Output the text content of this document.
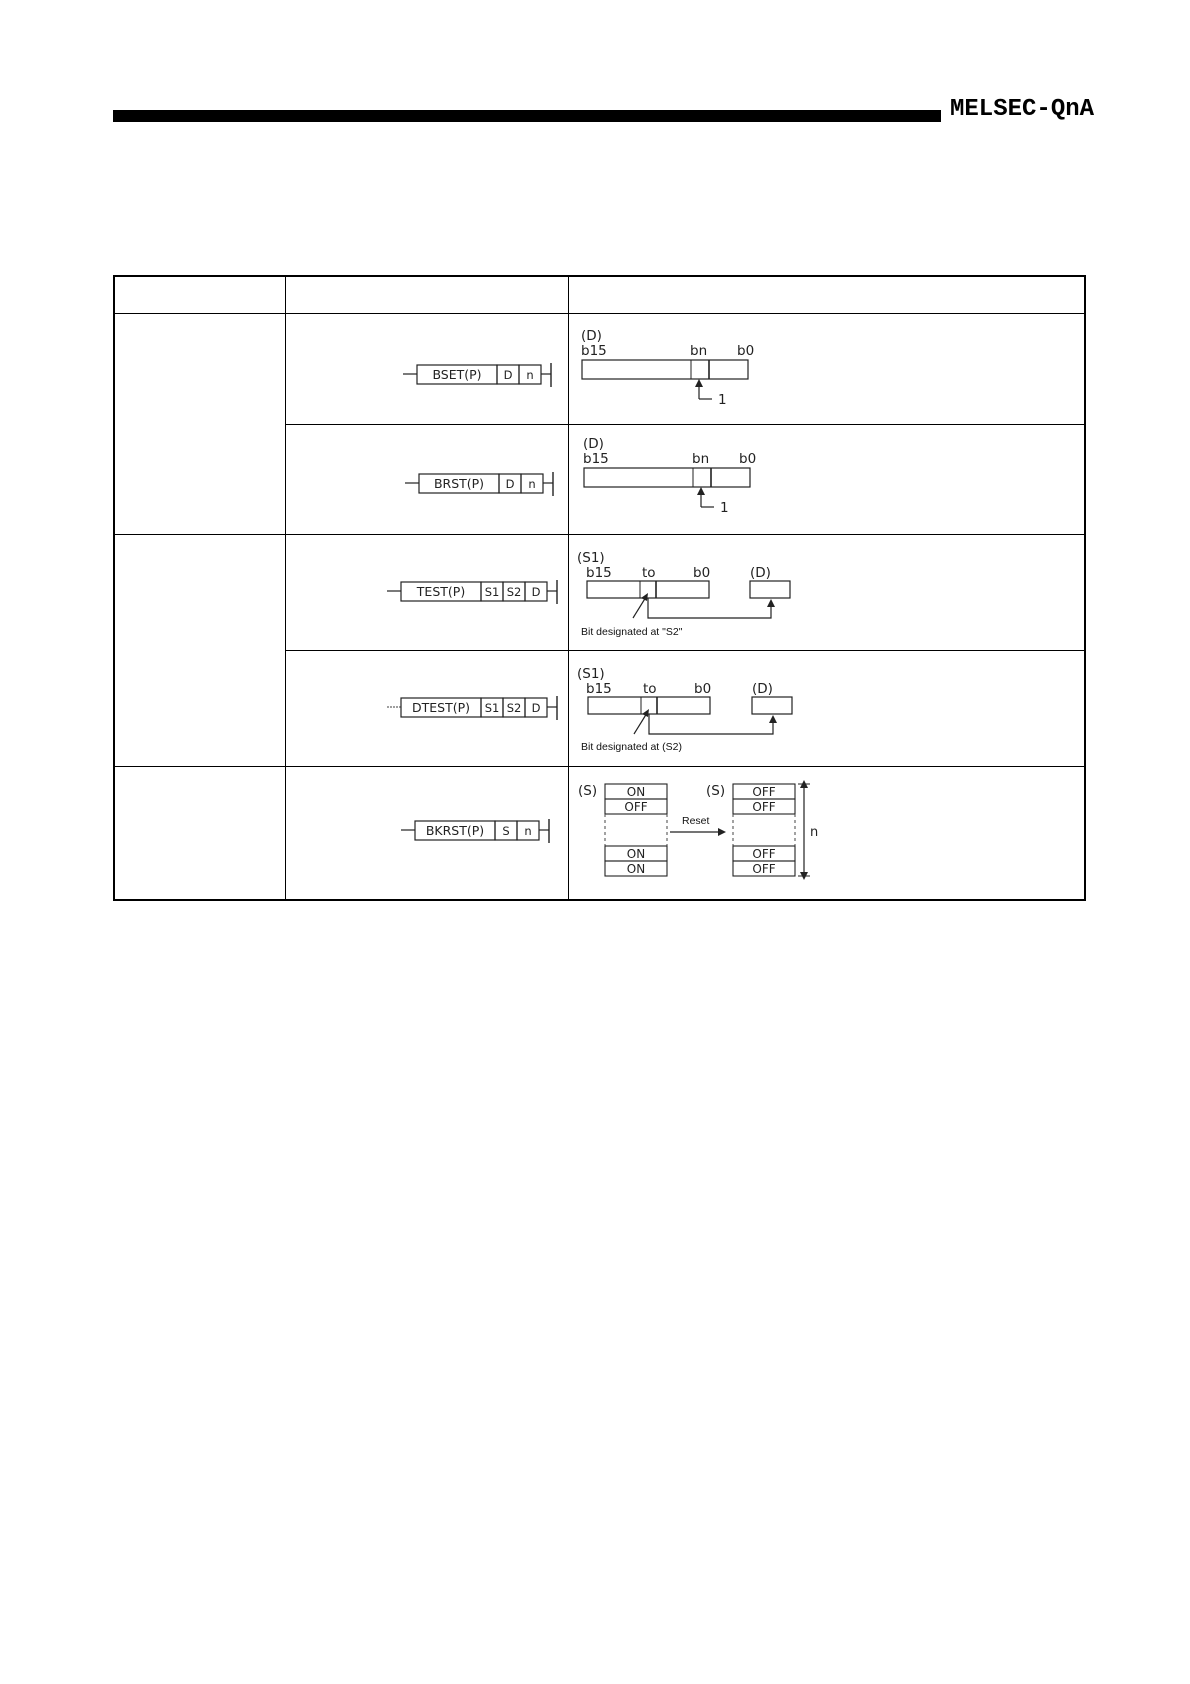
MELSEC-QnA
BSET(P) D n
(D)
b15	bn b0
1
BRST(P) D n
(D)
b15	bn b0
1
TEST(P) S1 S2 D
(S1)
b15 to	b0	(D)
Bit designated at "S2"
DTEST(P) S1 S2 D
(S1)
b15 to	b0	(D)
Bit designated at (S2)
BKRST(P) S n
(S) ON
OFF
ON
ON
Reset
(S) OFF
OFF
OFF
OFF
n
